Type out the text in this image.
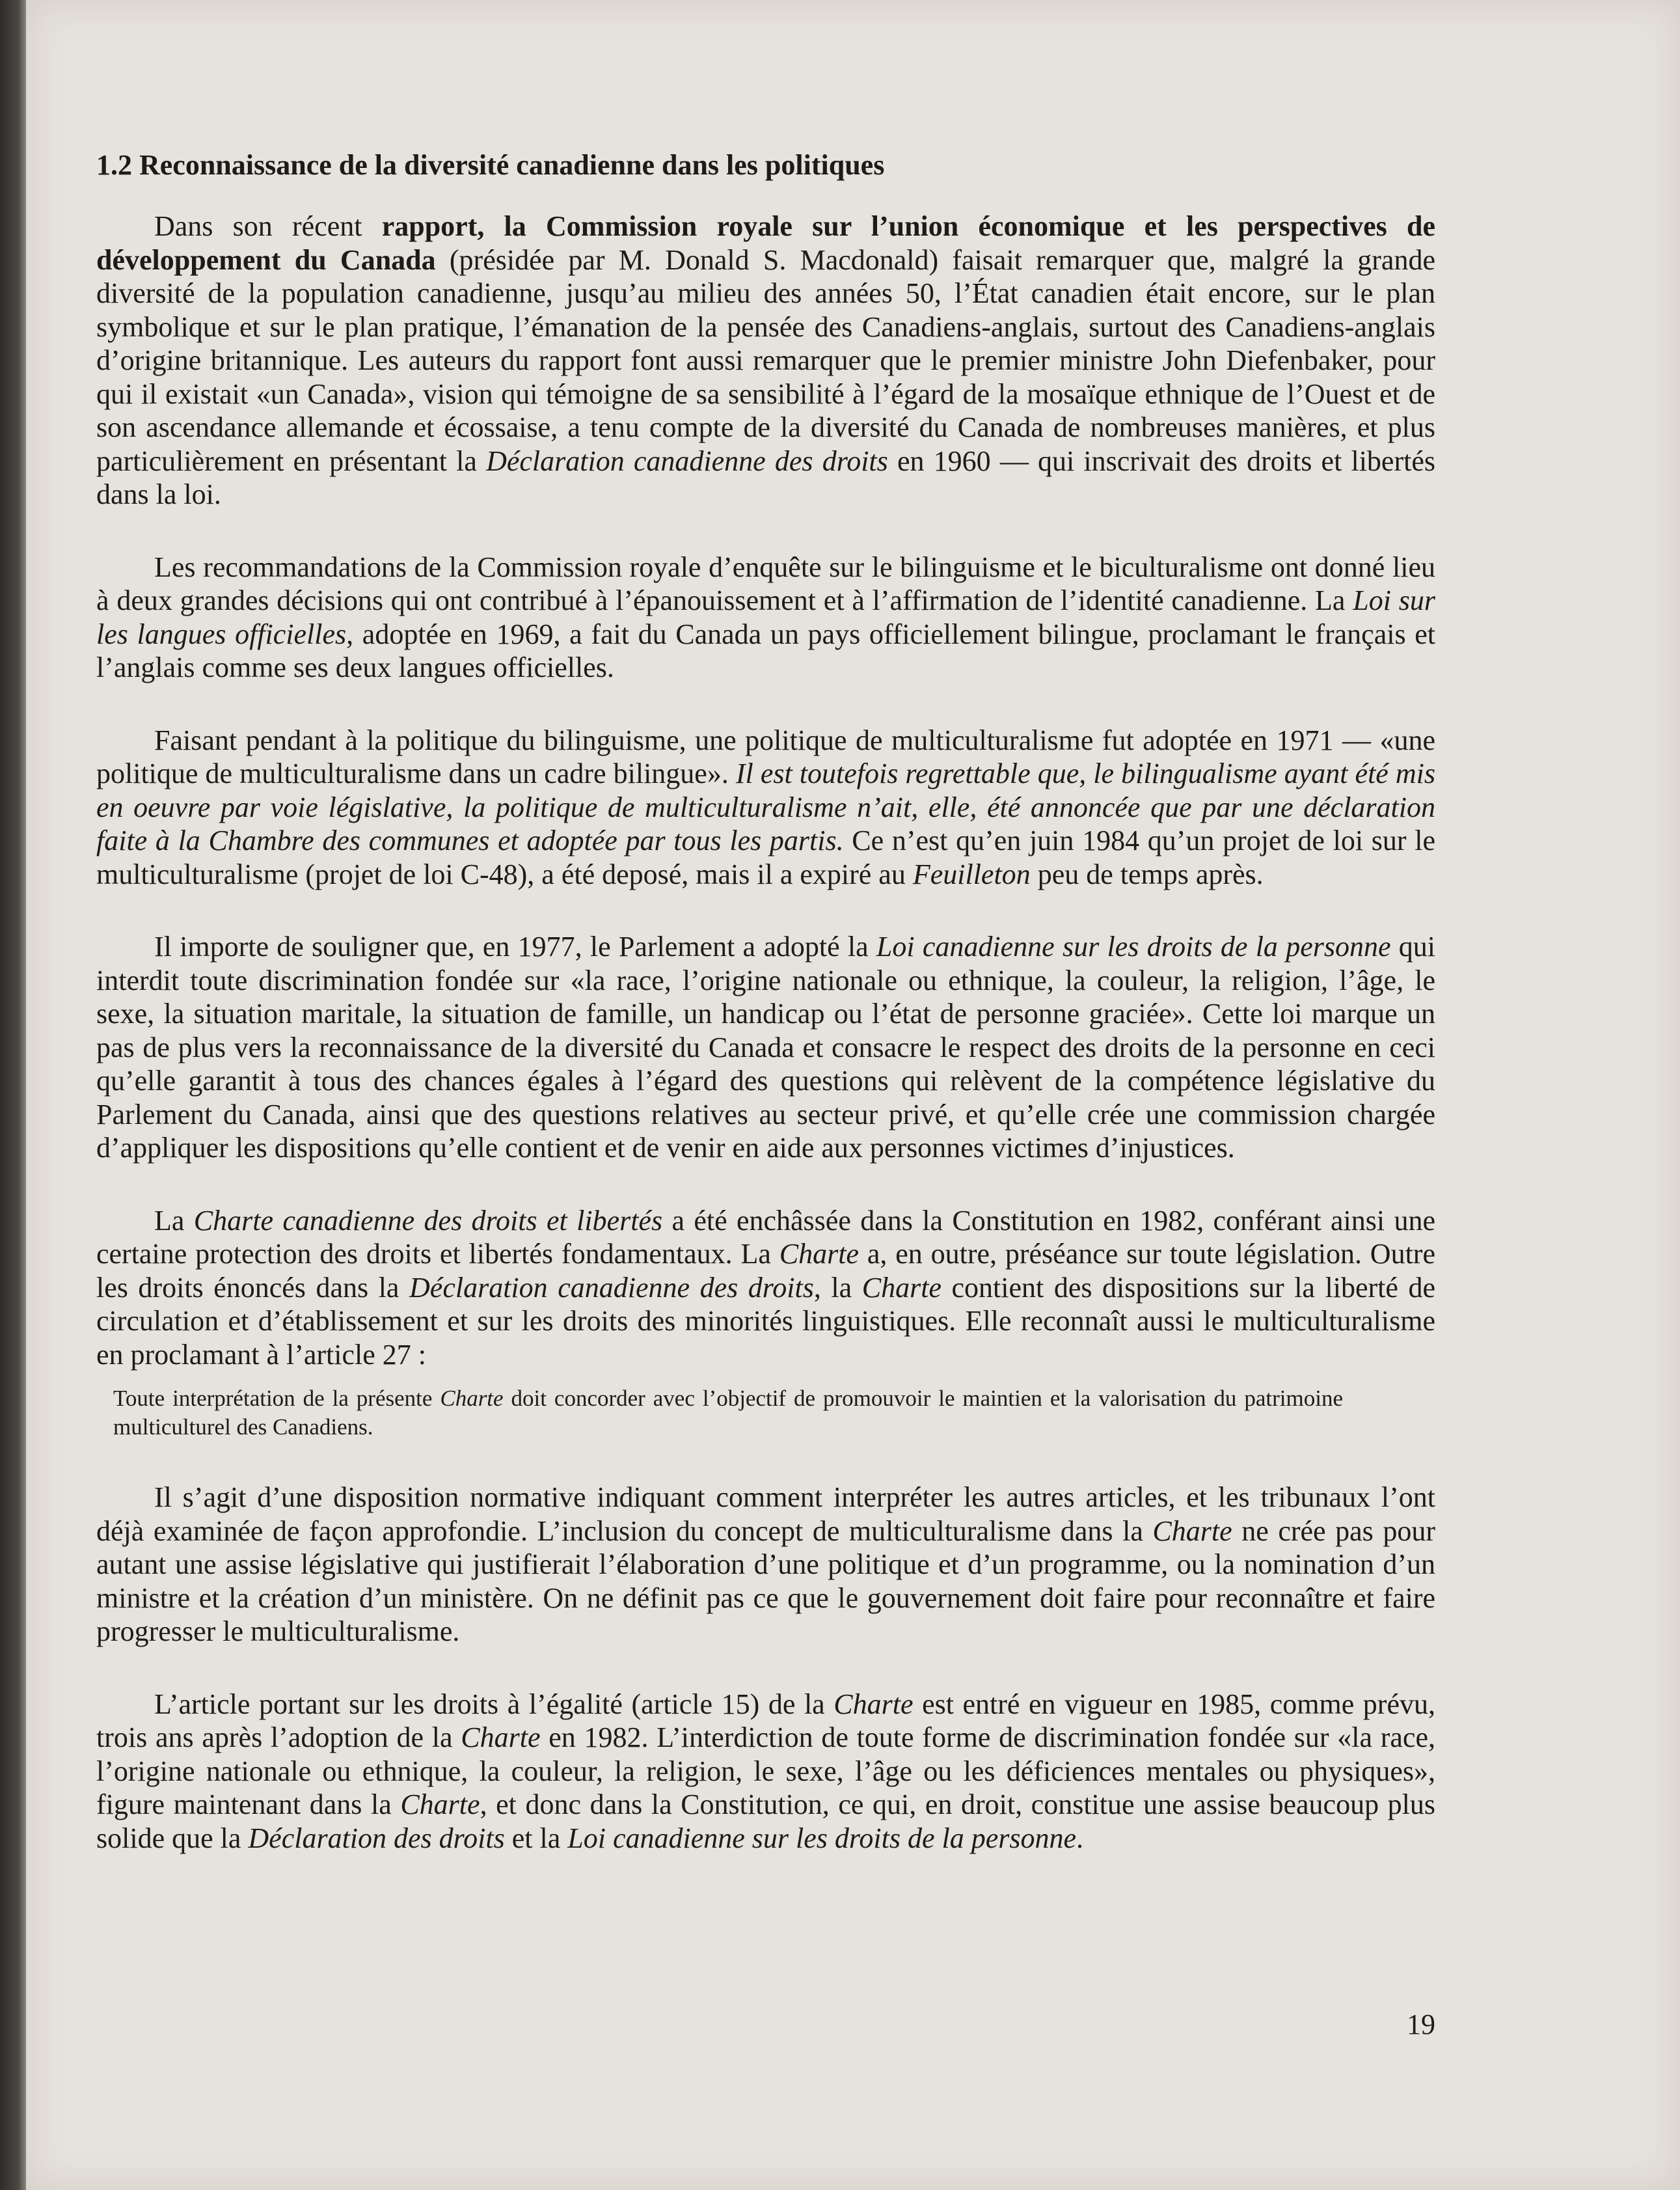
1.2 Reconnaissance de la diversité canadienne dans les politiques

Dans son récent rapport, la Commission royale sur l’union économique et les perspectives de développement du Canada (présidée par M. Donald S. Macdonald) faisait remarquer que, malgré la grande diversité de la population canadienne, jusqu’au milieu des années 50, l’État canadien était encore, sur le plan symbolique et sur le plan pratique, l’émanation de la pensée des Canadiens-anglais, surtout des Canadiens-anglais d’origine britannique. Les auteurs du rapport font aussi remarquer que le premier ministre John Diefenbaker, pour qui il existait «un Canada», vision qui témoigne de sa sensibilité à l’égard de la mosaïque ethnique de l’Ouest et de son ascendance allemande et écossaise, a tenu compte de la diversité du Canada de nombreuses manières, et plus particulièrement en présentant la Déclaration canadienne des droits en 1960 — qui inscrivait des droits et libertés dans la loi.

Les recommandations de la Commission royale d’enquête sur le bilinguisme et le biculturalisme ont donné lieu à deux grandes décisions qui ont contribué à l’épanouissement et à l’affirmation de l’identité canadienne. La Loi sur les langues officielles, adoptée en 1969, a fait du Canada un pays officiellement bilingue, proclamant le français et l’anglais comme ses deux langues officielles.

Faisant pendant à la politique du bilinguisme, une politique de multiculturalisme fut adoptée en 1971 — «une politique de multiculturalisme dans un cadre bilingue». Il est toutefois regrettable que, le bilingualisme ayant été mis en oeuvre par voie législative, la politique de multiculturalisme n’ait, elle, été annoncée que par une déclaration faite à la Chambre des communes et adoptée par tous les partis. Ce n’est qu’en juin 1984 qu’un projet de loi sur le multiculturalisme (projet de loi C-48), a été deposé, mais il a expiré au Feuilleton peu de temps après.

Il importe de souligner que, en 1977, le Parlement a adopté la Loi canadienne sur les droits de la personne qui interdit toute discrimination fondée sur «la race, l’origine nationale ou ethnique, la couleur, la religion, l’âge, le sexe, la situation maritale, la situation de famille, un handicap ou l’état de personne graciée». Cette loi marque un pas de plus vers la reconnaissance de la diversité du Canada et consacre le respect des droits de la personne en ceci qu’elle garantit à tous des chances égales à l’égard des questions qui relèvent de la compétence législative du Parlement du Canada, ainsi que des questions relatives au secteur privé, et qu’elle crée une commission chargée d’appliquer les dispositions qu’elle contient et de venir en aide aux personnes victimes d’injustices.

La Charte canadienne des droits et libertés a été enchâssée dans la Constitution en 1982, conférant ainsi une certaine protection des droits et libertés fondamentaux. La Charte a, en outre, préséance sur toute législation. Outre les droits énoncés dans la Déclaration canadienne des droits, la Charte contient des dispositions sur la liberté de circulation et d’établissement et sur les droits des minorités linguistiques. Elle reconnaît aussi le multiculturalisme en proclamant à l’article 27 :

Toute interprétation de la présente Charte doit concorder avec l’objectif de promouvoir le maintien et la valorisation du patrimoine multiculturel des Canadiens.

Il s’agit d’une disposition normative indiquant comment interpréter les autres articles, et les tribunaux l’ont déjà examinée de façon approfondie. L’inclusion du concept de multiculturalisme dans la Charte ne crée pas pour autant une assise législative qui justifierait l’élaboration d’une politique et d’un programme, ou la nomination d’un ministre et la création d’un ministère. On ne définit pas ce que le gouvernement doit faire pour reconnaître et faire progresser le multiculturalisme.

L’article portant sur les droits à l’égalité (article 15) de la Charte est entré en vigueur en 1985, comme prévu, trois ans après l’adoption de la Charte en 1982. L’interdiction de toute forme de discrimination fondée sur «la race, l’origine nationale ou ethnique, la couleur, la religion, le sexe, l’âge ou les déficiences mentales ou physiques», figure maintenant dans la Charte, et donc dans la Constitution, ce qui, en droit, constitue une assise beaucoup plus solide que la Déclaration des droits et la Loi canadienne sur les droits de la personne.

19
